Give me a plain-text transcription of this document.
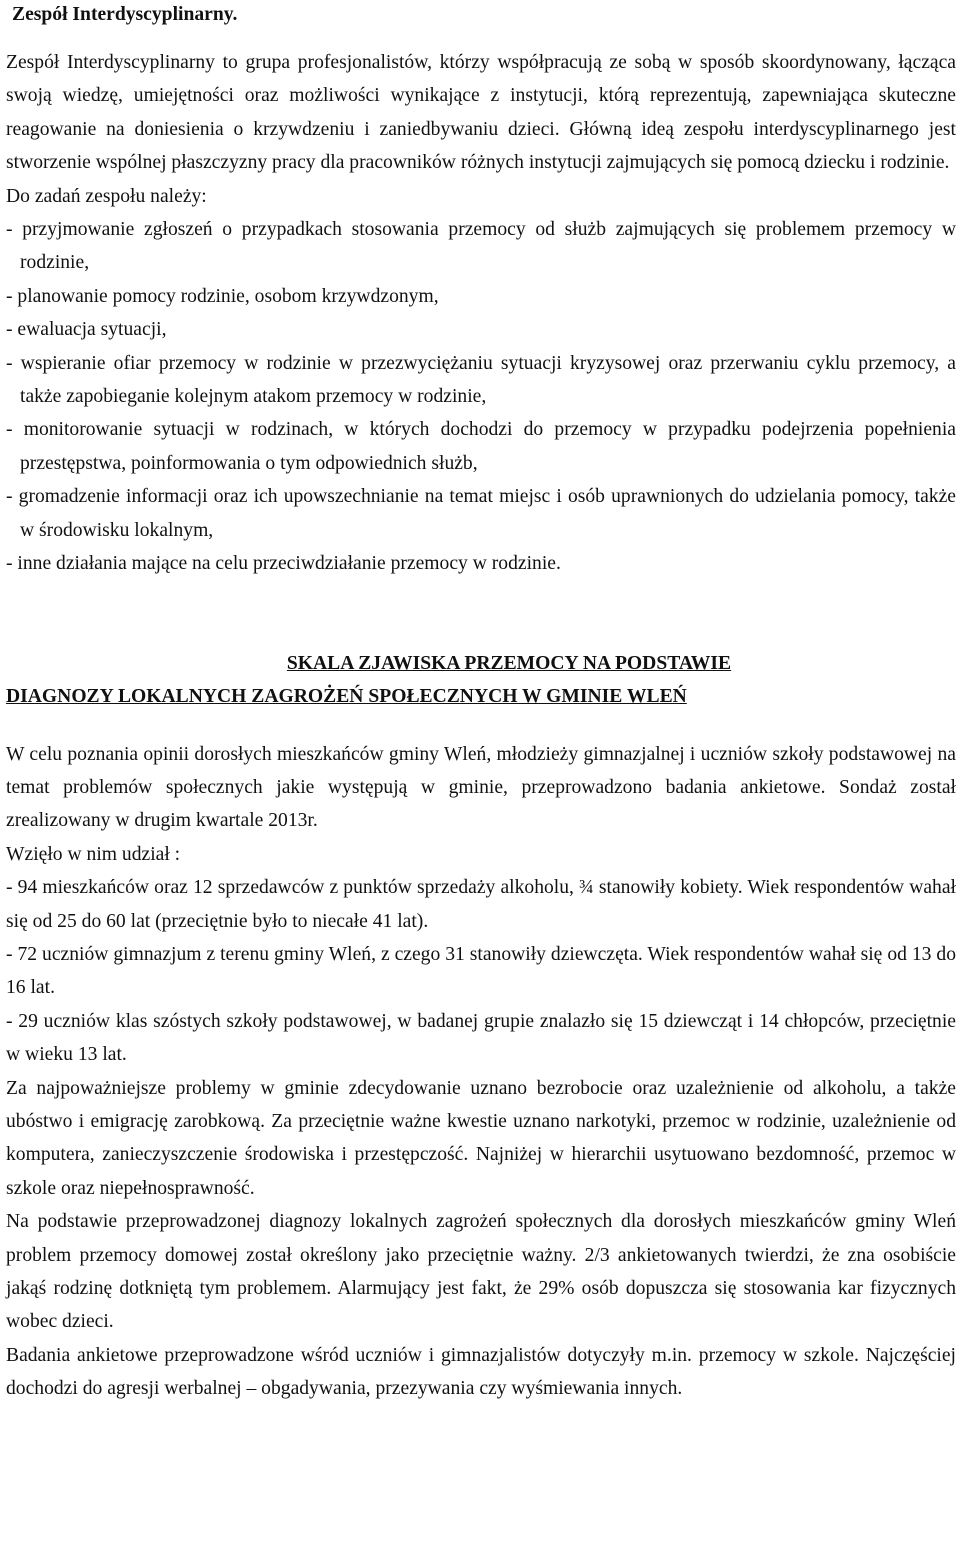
Zespół Interdyscyplinarny.

Zespół Interdyscyplinarny to grupa profesjonalistów, którzy współpracują ze sobą w sposób skoordynowany, łącząca swoją wiedzę, umiejętności oraz możliwości wynikające z instytucji, którą reprezentują, zapewniająca skuteczne reagowanie na doniesienia o krzywdzeniu i zaniedbywaniu dzieci. Główną ideą zespołu interdyscyplinarnego jest stworzenie wspólnej płaszczyzny pracy dla pracowników różnych instytucji zajmujących się pomocą dziecku i rodzinie.

Do zadań zespołu należy:

- przyjmowanie zgłoszeń o przypadkach stosowania przemocy od służb zajmujących się problemem przemocy w rodzinie,
- planowanie pomocy rodzinie, osobom krzywdzonym,
- ewaluacja sytuacji,
- wspieranie ofiar przemocy w rodzinie w przezwyciężaniu sytuacji kryzysowej oraz przerwaniu cyklu przemocy, a także zapobieganie kolejnym atakom przemocy w rodzinie,
- monitorowanie sytuacji w rodzinach, w których dochodzi do przemocy w przypadku podejrzenia popełnienia przestępstwa, poinformowania o tym odpowiednich służb,
- gromadzenie informacji oraz ich upowszechnianie na temat miejsc i osób uprawnionych do udzielania pomocy, także w środowisku lokalnym,
- inne działania mające na celu przeciwdziałanie przemocy w rodzinie.
SKALA ZJAWISKA PRZEMOCY NA PODSTAWIE
DIAGNOZY LOKALNYCH ZAGROŻEŃ SPOŁECZNYCH W GMINIE WLEŃ

W celu poznania opinii dorosłych mieszkańców gminy Wleń, młodzieży gimnazjalnej i uczniów szkoły podstawowej na temat problemów społecznych jakie występują w gminie, przeprowadzono badania ankietowe. Sondaż został zrealizowany w drugim kwartale 2013r.

Wzięło w nim udział :

- 94 mieszkańców oraz 12 sprzedawców z punktów sprzedaży alkoholu, ¾ stanowiły kobiety. Wiek respondentów wahał się od 25 do 60 lat (przeciętnie było to niecałe 41 lat).
- 72 uczniów gimnazjum z terenu gminy Wleń, z czego 31 stanowiły dziewczęta. Wiek respondentów wahał się od 13 do 16 lat.
- 29 uczniów klas szóstych szkoły podstawowej, w badanej grupie znalazło się 15 dziewcząt i 14 chłopców, przeciętnie w wieku 13 lat.

Za najpoważniejsze problemy w gminie zdecydowanie uznano bezrobocie oraz uzależnienie od alkoholu, a także ubóstwo i emigrację zarobkową. Za przeciętnie ważne kwestie uznano narkotyki, przemoc w rodzinie, uzależnienie od komputera, zanieczyszczenie środowiska i przestępczość. Najniżej w hierarchii usytuowano bezdomność, przemoc w szkole oraz niepełnosprawność.

Na podstawie przeprowadzonej diagnozy lokalnych zagrożeń społecznych dla dorosłych mieszkańców gminy Wleń problem przemocy domowej został określony jako przeciętnie ważny. 2/3 ankietowanych twierdzi, że zna osobiście jakąś rodzinę dotkniętą tym problemem. Alarmujący jest fakt, że 29% osób dopuszcza się stosowania kar fizycznych wobec dzieci.

Badania ankietowe przeprowadzone wśród uczniów i gimnazjalistów dotyczyły m.in. przemocy w szkole. Najczęściej dochodzi do agresji werbalnej – obgadywania, przezywania czy wyśmiewania innych.
